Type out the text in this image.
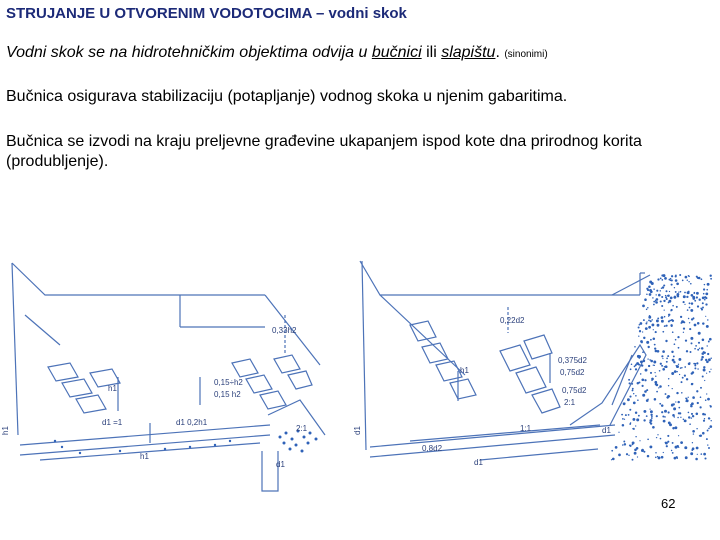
STRUJANJE U OTVORENIM VODOTOCIMA – vodni skok
Vodni skok se na hidrotehničkim objektima odvija u bučnici ili slapištu. (sinonimi)
Bučnica osigurava stabilizaciju (potapljanje) vodnog skoka u njenim gabaritima.
Bučnica se izvodi na kraju preljevne građevine ukapanjem ispod kote dna prirodnog korita
(produbljenje).
0,33h2
h1
0,15÷h2
0,15 h2
d1 =1	d1 0,2h1
2:1
h1
d1
h1
0,22d2
h1
0,375d2
0,75d2
0,75d2
2:1
1:1
0,8d2
d1
d1
d1
62
